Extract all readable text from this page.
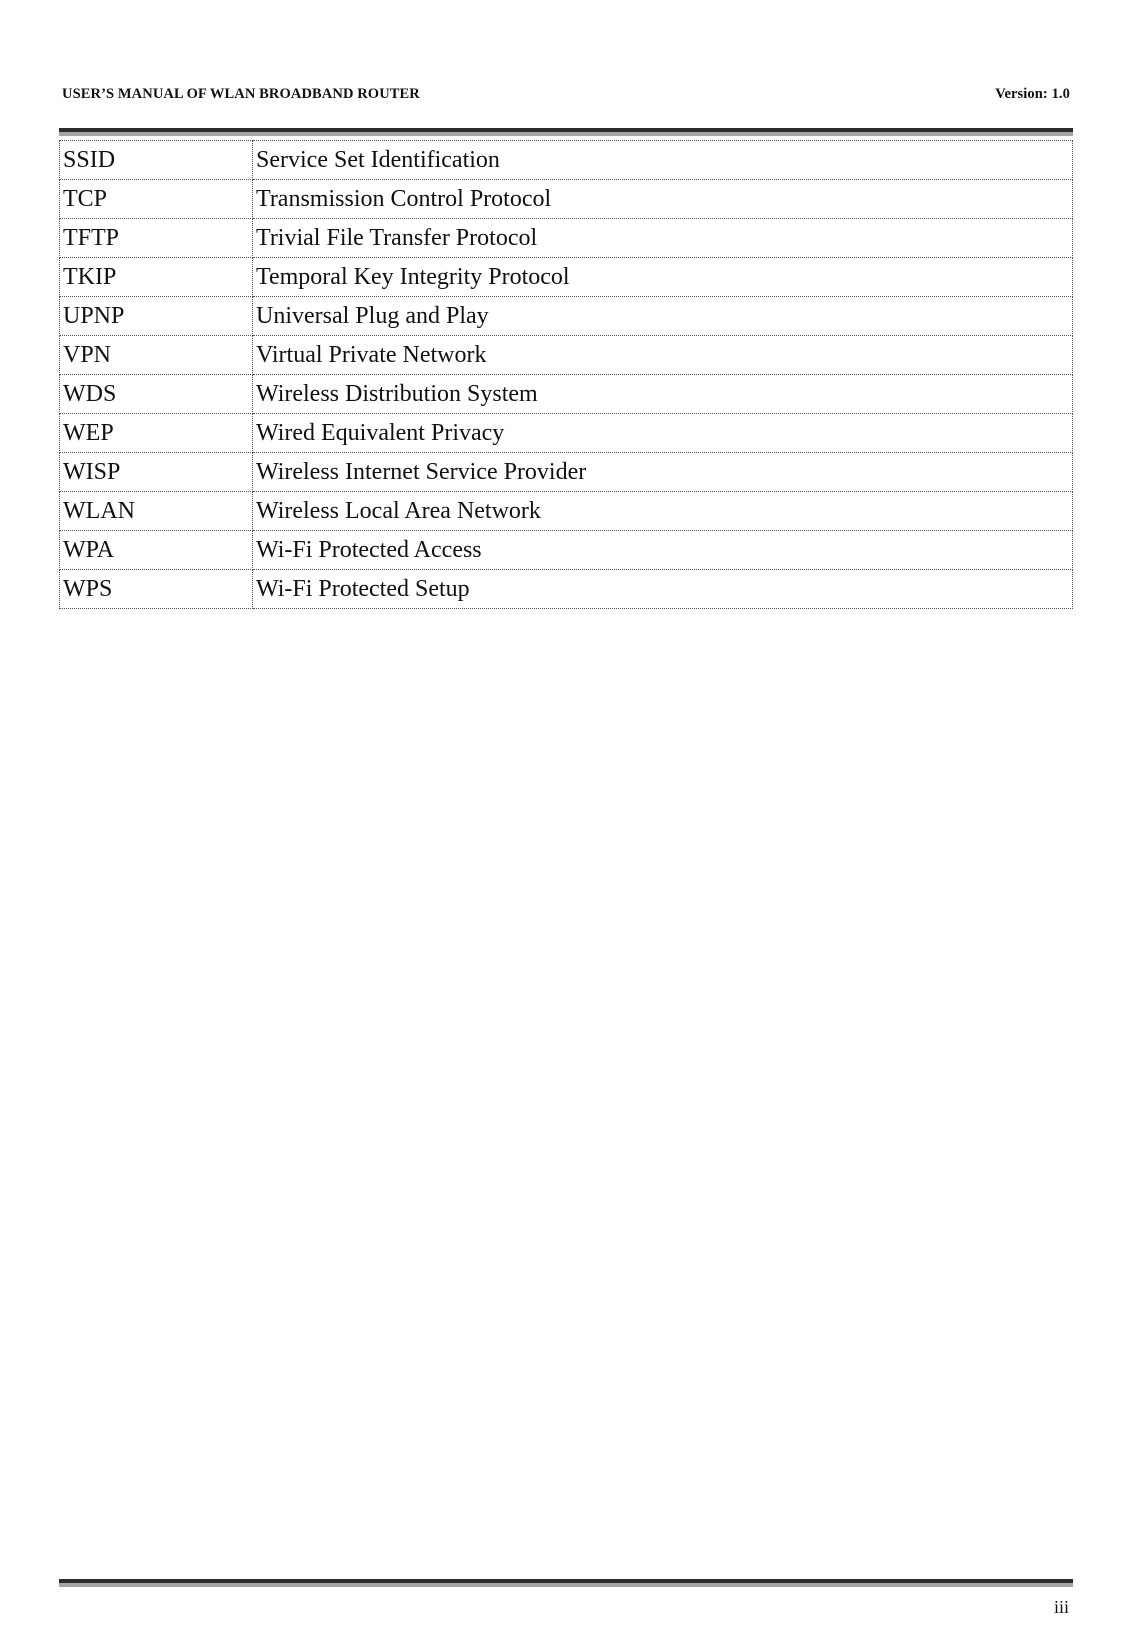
USER’S MANUAL OF WLAN BROADBAND ROUTER	Version: 1.0
SSID	Service Set Identification
TCP	Transmission Control Protocol
TFTP	Trivial File Transfer Protocol
TKIP	Temporal Key Integrity Protocol
UPNP	Universal Plug and Play
VPN	Virtual Private Network
WDS	Wireless Distribution System
WEP	Wired Equivalent Privacy
WISP	Wireless Internet Service Provider
WLAN	Wireless Local Area Network
WPA	Wi-Fi Protected Access
WPS	Wi-Fi Protected Setup
iii
